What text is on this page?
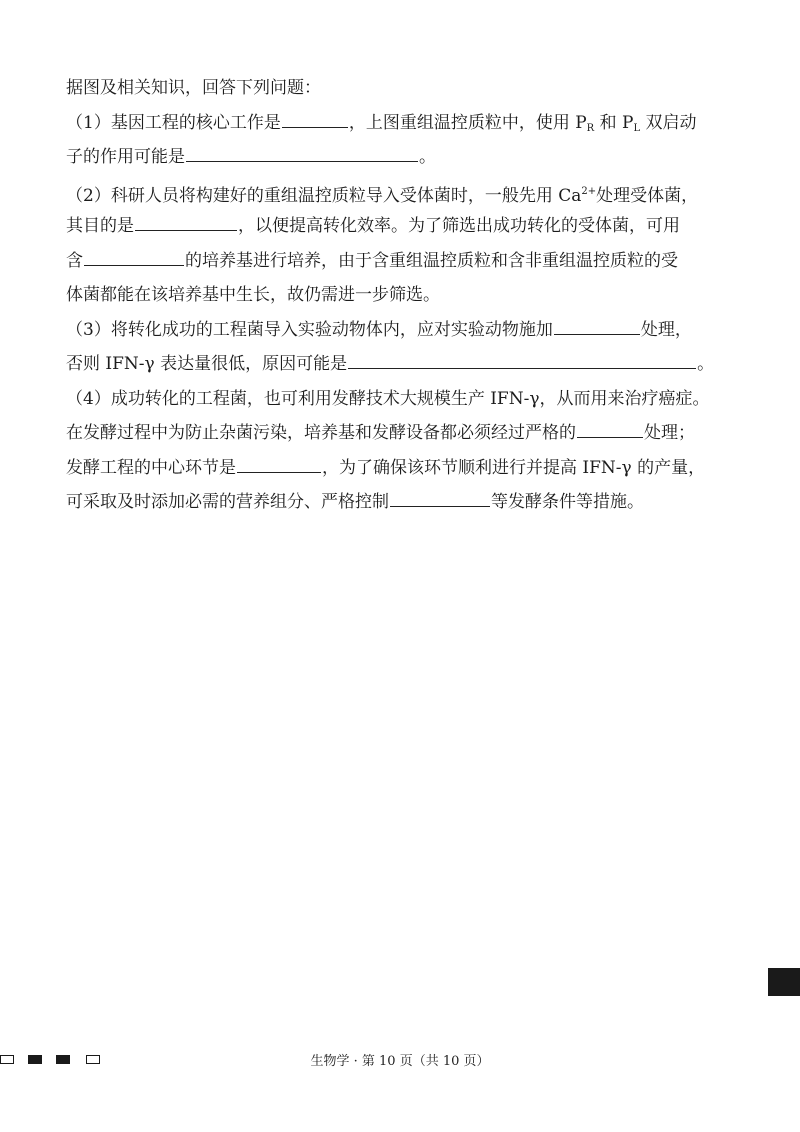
据图及相关知识，回答下列问题：
（1）基因工程的核心工作是	，上图重组温控质粒中，使用 $P_R$ 和 $P_L$ 双启动
子的作用可能是	。
（2）科研人员将构建好的重组温控质粒导入受体菌时，一般先用 $Ca^{2+}$处理受体菌，
其目的是	，以便提高转化效率。为了筛选出成功转化的受体菌，可用
含	的培养基进行培养，由于含重组温控质粒和含非重组温控质粒的受
体菌都能在该培养基中生长，故仍需进一步筛选。
（3）将转化成功的工程菌导入实验动物体内，应对实验动物施加	处理，
否则 IFN-γ 表达量很低，原因可能是	。
（4）成功转化的工程菌，也可利用发酵技术大规模生产 IFN-γ，从而用来治疗癌症。
在发酵过程中为防止杂菌污染，培养基和发酵设备都必须经过严格的	处理；
发酵工程的中心环节是	，为了确保该环节顺利进行并提高 IFN-γ 的产量，
可采取及时添加必需的营养组分、严格控制	等发酵条件等措施。
生物学 · 第 10 页（共 10 页）
